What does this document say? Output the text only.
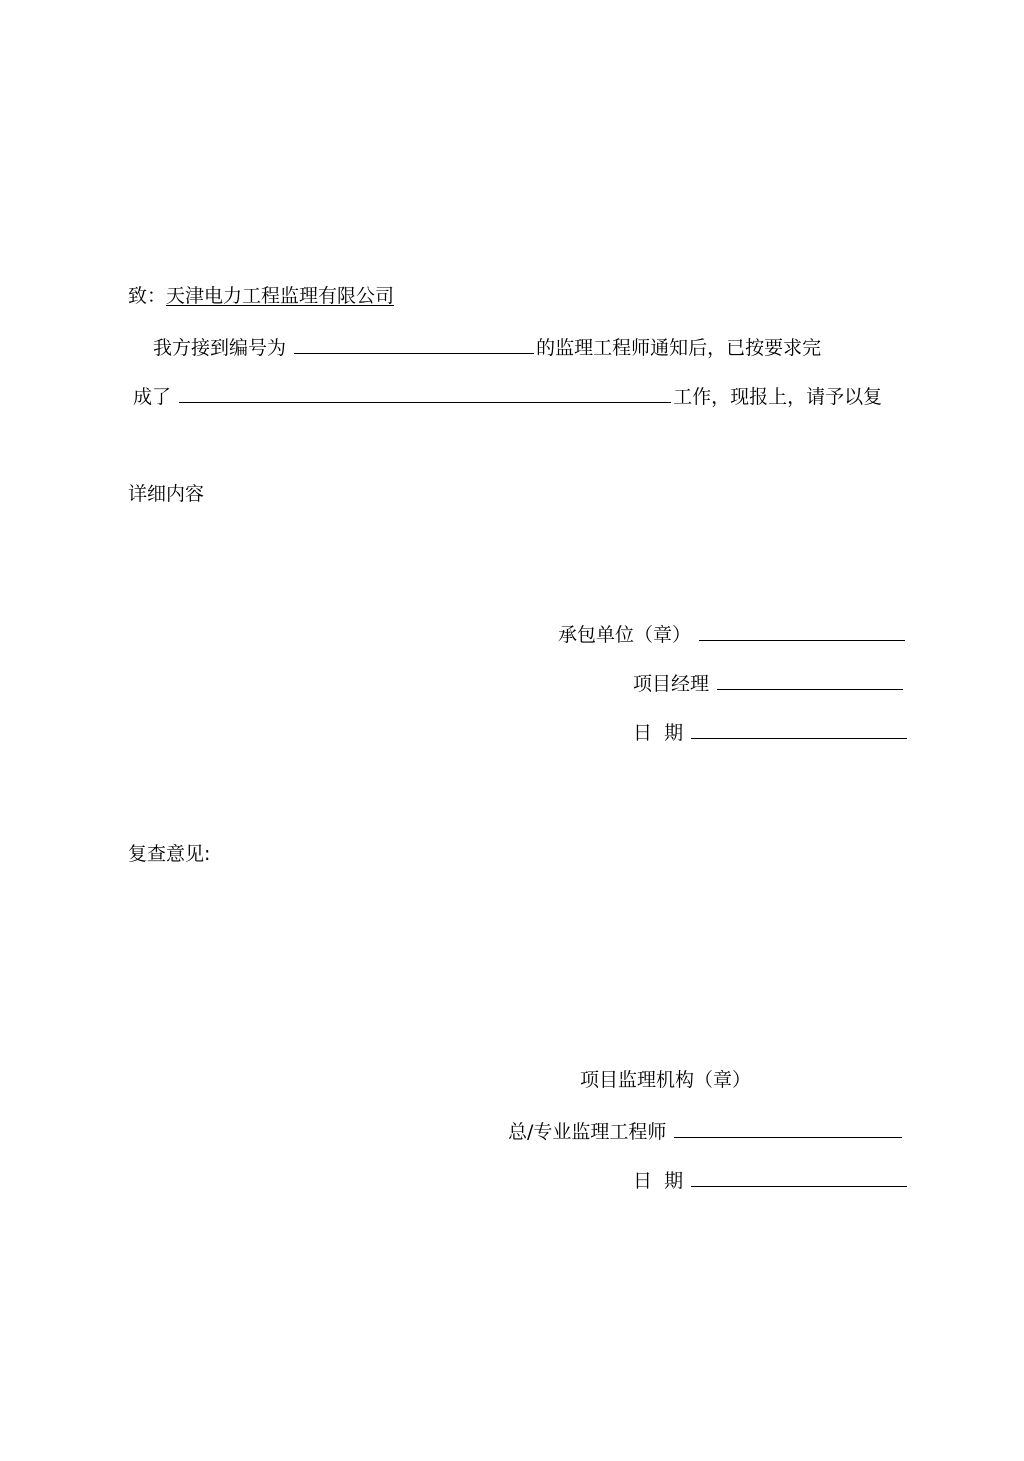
致：天津电力工程监理有限公司
我方接到编号为	的监理工程师通知后，已按要求完
成了	工作，现报上，请予以复
详细内容
承包单位（章）
项目经理
日  期
复查意见:
项目监理机构（章）
总/专业监理工程师
日  期
